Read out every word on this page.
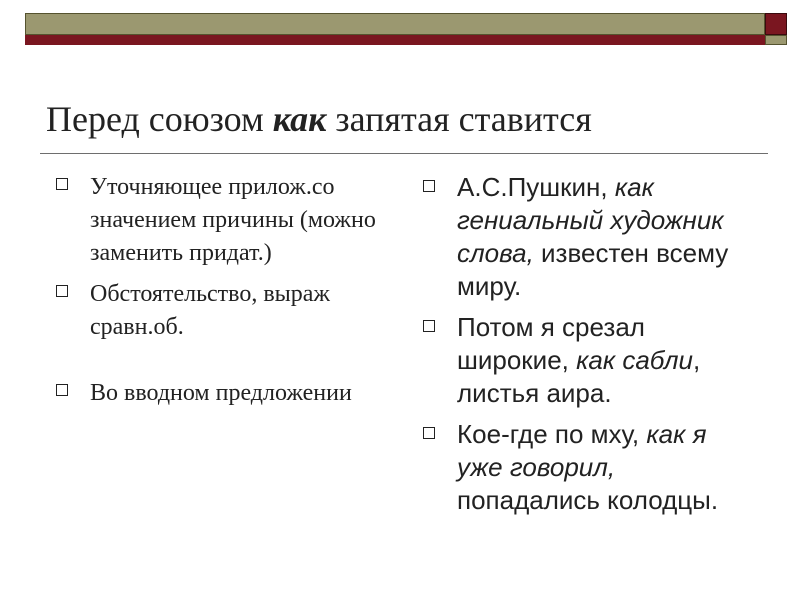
Перед союзом как запятая ставится
Уточняющее прилож.со значением причины (можно заменить придат.)
Обстоятельство, выраж сравн.об.
Во вводном предложении
А.С.Пушкин, как гениальный художник слова, известен всему миру.
Потом я срезал широкие, как сабли, листья аира.
Кое-где по мху, как я уже говорил, попадались колодцы.
